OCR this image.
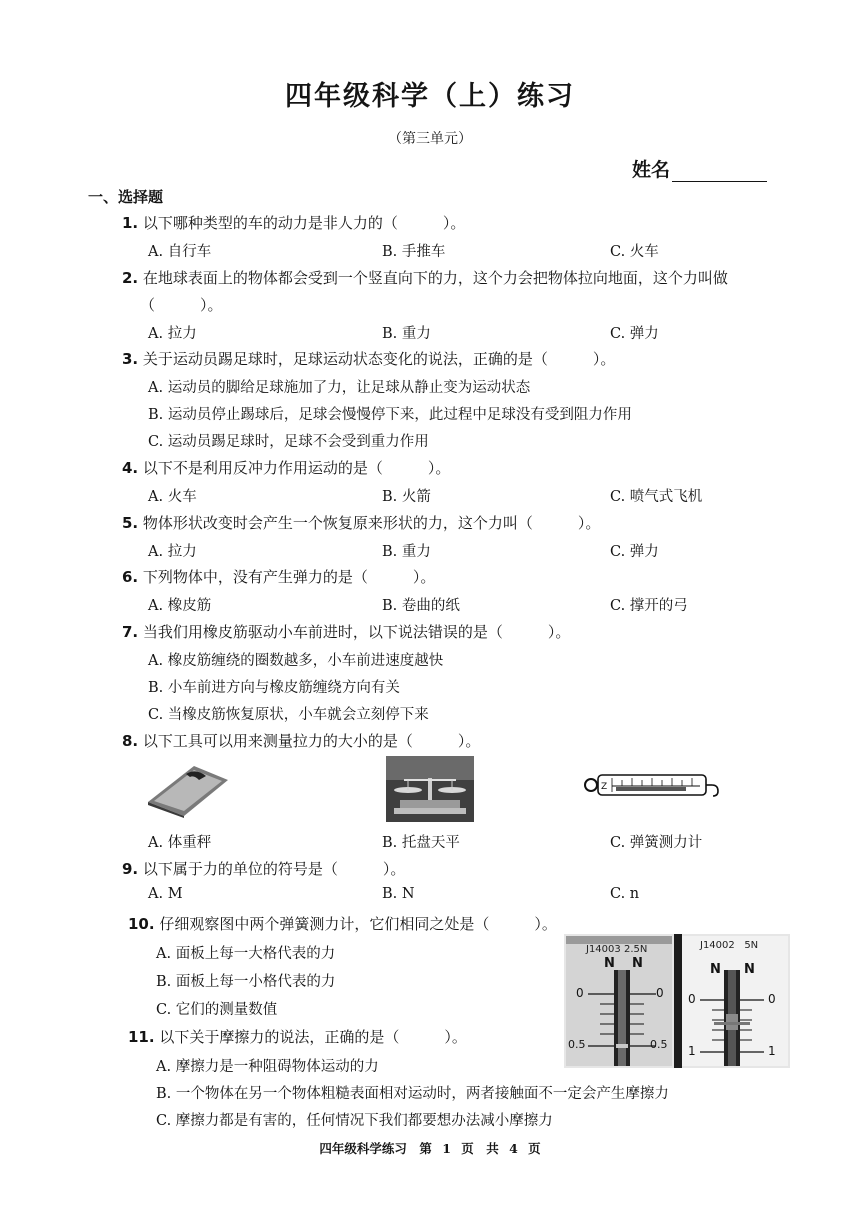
四年级科学（上）练习
（第三单元）
姓名
一、选择题
1. 以下哪种类型的车的动力是非人力的（　　　）。
A. 自行车	B. 手推车	C. 火车
2. 在地球表面上的物体都会受到一个竖直向下的力，这个力会把物体拉向地面，这个力叫做
（　　　）。
A. 拉力	B. 重力	C. 弹力
3. 关于运动员踢足球时，足球运动状态变化的说法，正确的是（　　　）。
A. 运动员的脚给足球施加了力，让足球从静止变为运动状态
B. 运动员停止踢球后，足球会慢慢停下来，此过程中足球没有受到阻力作用
C. 运动员踢足球时，足球不会受到重力作用
4. 以下不是利用反冲力作用运动的是（　　　）。
A. 火车	B. 火箭	C. 喷气式飞机
5. 物体形状改变时会产生一个恢复原来形状的力，这个力叫（　　　）。
A. 拉力	B. 重力	C. 弹力
6. 下列物体中，没有产生弹力的是（　　　）。
A. 橡皮筋	B. 卷曲的纸	C. 撑开的弓
7. 当我们用橡皮筋驱动小车前进时，以下说法错误的是（　　　）。
A. 橡皮筋缠绕的圈数越多，小车前进速度越快
B. 小车前进方向与橡皮筋缠绕方向有关
C. 当橡皮筋恢复原状，小车就会立刻停下来
8. 以下工具可以用来测量拉力的大小的是（　　　）。
Z
A. 体重秤	B. 托盘天平	C. 弹簧测力计
9. 以下属于力的单位的符号是（　　　）。
A. M	B. N	C. n
10. 仔细观察图中两个弹簧测力计，它们相同之处是（　　　）。
A. 面板上每一大格代表的力
B. 面板上每一小格代表的力
C. 它们的测量数值
J14003 2.5N
N N
0	0
0.5	0.5
J14002 5N
N N
0	0
1	1
11. 以下关于摩擦力的说法，正确的是（　　　）。
A. 摩擦力是一种阻碍物体运动的力
B. 一个物体在另一个物体粗糙表面相对运动时，两者接触面不一定会产生摩擦力
C. 摩擦力都是有害的，任何情况下我们都要想办法减小摩擦力
四年级科学练习　第 1 页　共 4 页
